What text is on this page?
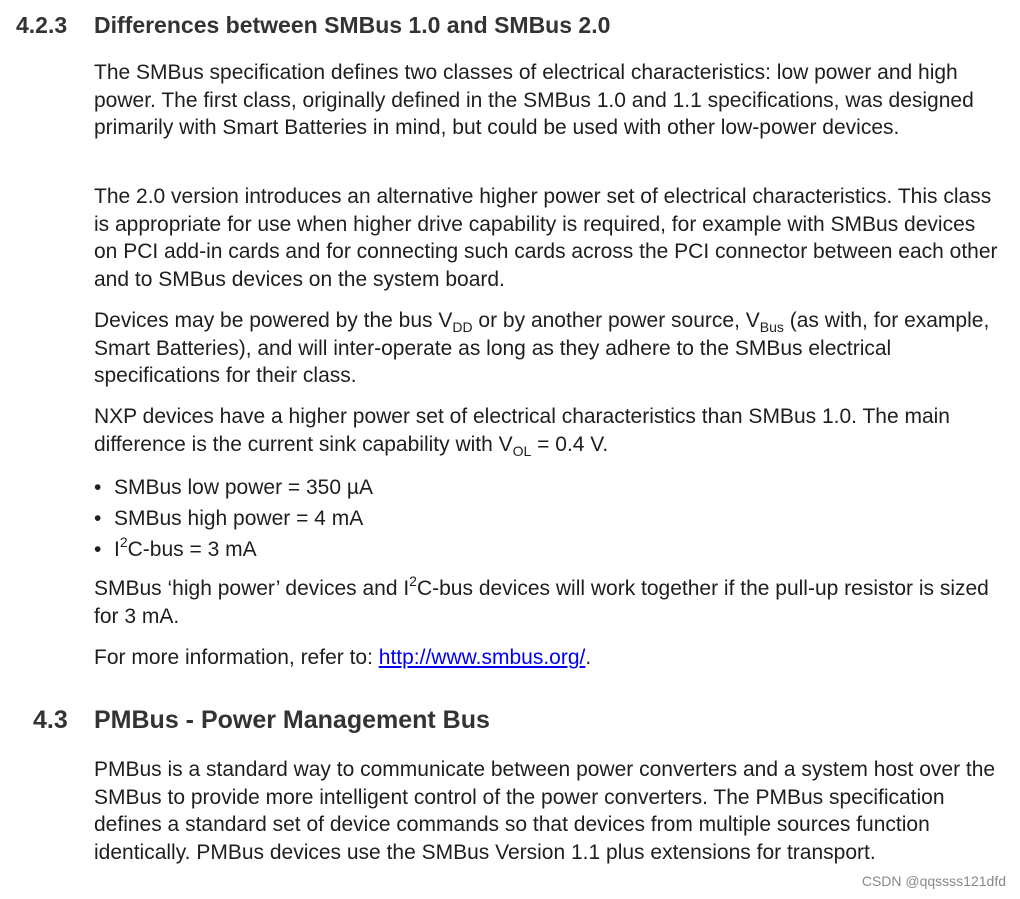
4.2.3 Differences between SMBus 1.0 and SMBus 2.0

The SMBus specification defines two classes of electrical characteristics: low power and high power. The first class, originally defined in the SMBus 1.0 and 1.1 specifications, was designed primarily with Smart Batteries in mind, but could be used with other low-power devices.

The 2.0 version introduces an alternative higher power set of electrical characteristics. This class is appropriate for use when higher drive capability is required, for example with SMBus devices on PCI add-in cards and for connecting such cards across the PCI connector between each other and to SMBus devices on the system board.

Devices may be powered by the bus $V_{DD}$ or by another power source, $V_{Bus}$ (as with, for example, Smart Batteries), and will inter-operate as long as they adhere to the SMBus electrical specifications for their class.

NXP devices have a higher power set of electrical characteristics than SMBus 1.0. The main difference is the current sink capability with $V_{OL} = 0.4$ V.

• SMBus low power = 350 µA
• SMBus high power = 4 mA
• $I^2C$-bus = 3 mA

SMBus ‘high power’ devices and $I^2C$-bus devices will work together if the pull-up resistor is sized for 3 mA.

For more information, refer to: http://www.smbus.org/.

4.3 PMBus - Power Management Bus

PMBus is a standard way to communicate between power converters and a system host over the SMBus to provide more intelligent control of the power converters. The PMBus specification defines a standard set of device commands so that devices from multiple sources function identically. PMBus devices use the SMBus Version 1.1 plus extensions for transport.

CSDN @qqssss121dfd
